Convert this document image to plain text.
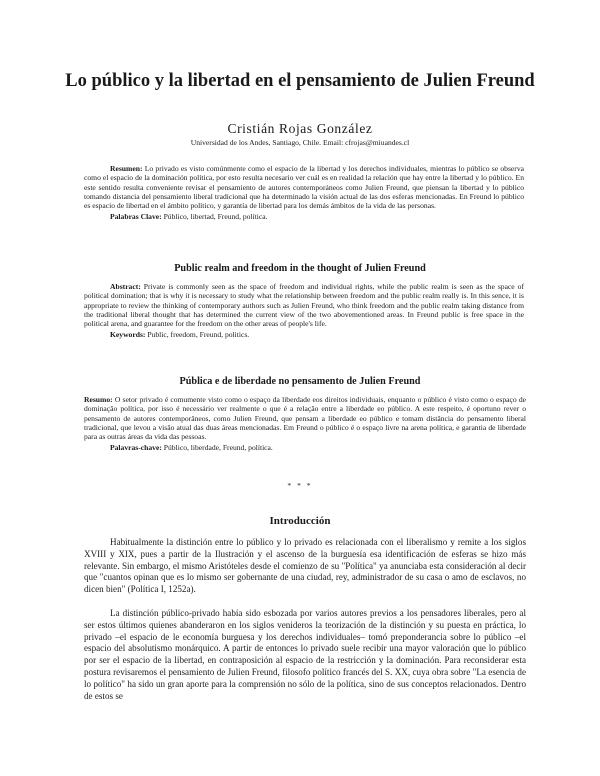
Lo público y la libertad en el pensamiento de Julien Freund
Cristián Rojas González
Universidad de los Andes, Santiago, Chile. Email: cfrojas@miuandes.cl

Resumen: Lo privado es visto comúnmente como el espacio de la libertad y los derechos individuales, mientras lo público se observa como el espacio de la dominación política, por esto resulta necesario ver cuál es en realidad la relación que hay entre la libertad y lo público. En este sentido resulta conveniente revisar el pensamiento de autores contemporáneos como Julien Freund, que piensan la libertad y lo público tomando distancia del pensamiento liberal tradicional que ha determinado la visión actual de las dos esferas mencionadas. En Freund lo público es espacio de libertad en el ámbito político, y garantía de libertad para los demás ámbitos de la vida de las personas.

Palabras Clave: Público, libertad, Freund, política.

Public realm and freedom in the thought of Julien Freund

Abstract: Private is commonly seen as the space of freedom and individual rights, while the public realm is seen as the space of political domination; that is why it is necessary to study what the relationship between freedom and the public realm really is. In this sence, it is appropriate to review the thinking of contemporary authors such as Julien Freund, who think freedom and the public realm taking distance from the traditional liberal thought that has determined the current view of the two abovementioned areas. In Freund public is free space in the political arena, and guarantee for the freedom on the other areas of people's life.

Keywords: Public, freedom, Freund, politics.

Pública e de liberdade no pensamento de Julien Freund

Resumo: O setor privado é comumente visto como o espaço da liberdade eos direitos individuais, enquanto o público é visto como o espaço de dominação política, por isso é necessário ver realmente o que é a relação entre a liberdade eo público. A este respeito, é oportuno rever o pensamento de autores contemporâneos, como Julien Freund, que pensam a liberdade eo público e tomam distância do pensamento liberal tradicional, que levou a visão atual das duas áreas mencionadas. Em Freund o público é o espaço livre na arena política, e garantia de liberdade para as outras áreas da vida das pessoas.

Palavras-chave: Público, liberdade, Freund, política.

* * *
Introducción

Habitualmente la distinción entre lo público y lo privado es relacionada con el liberalismo y remite a los siglos XVIII y XIX, pues a partir de la Ilustración y el ascenso de la burguesía esa identificación de esferas se hizo más relevante. Sin embargo, el mismo Aristóteles desde el comienzo de su "Política" ya anunciaba esta consideración al decir que "cuantos opinan que es lo mismo ser gobernante de una ciudad, rey, administrador de su casa o amo de esclavos, no dicen bien" (Política I, 1252a).

La distinción público-privado había sido esbozada por varios autores previos a los pensadores liberales, pero al ser estos últimos quienes abanderaron en los siglos venideros la teorización de la distinción y su puesta en práctica, lo privado –el espacio de le economía burguesa y los derechos individuales– tomó preponderancia sobre lo público –el espacio del absolutismo monárquico. A partir de entonces lo privado suele recibir una mayor valoración que lo público por ser el espacio de la libertad, en contraposición al espacio de la restricción y la dominación. Para reconsiderar esta postura revisaremos el pensamiento de Julien Freund, filosofo político francés del S. XX, cuya obra sobre "La esencia de lo político" ha sido un gran aporte para la comprensión no sólo de la política, sino de sus conceptos relacionados. Dentro de estos se
